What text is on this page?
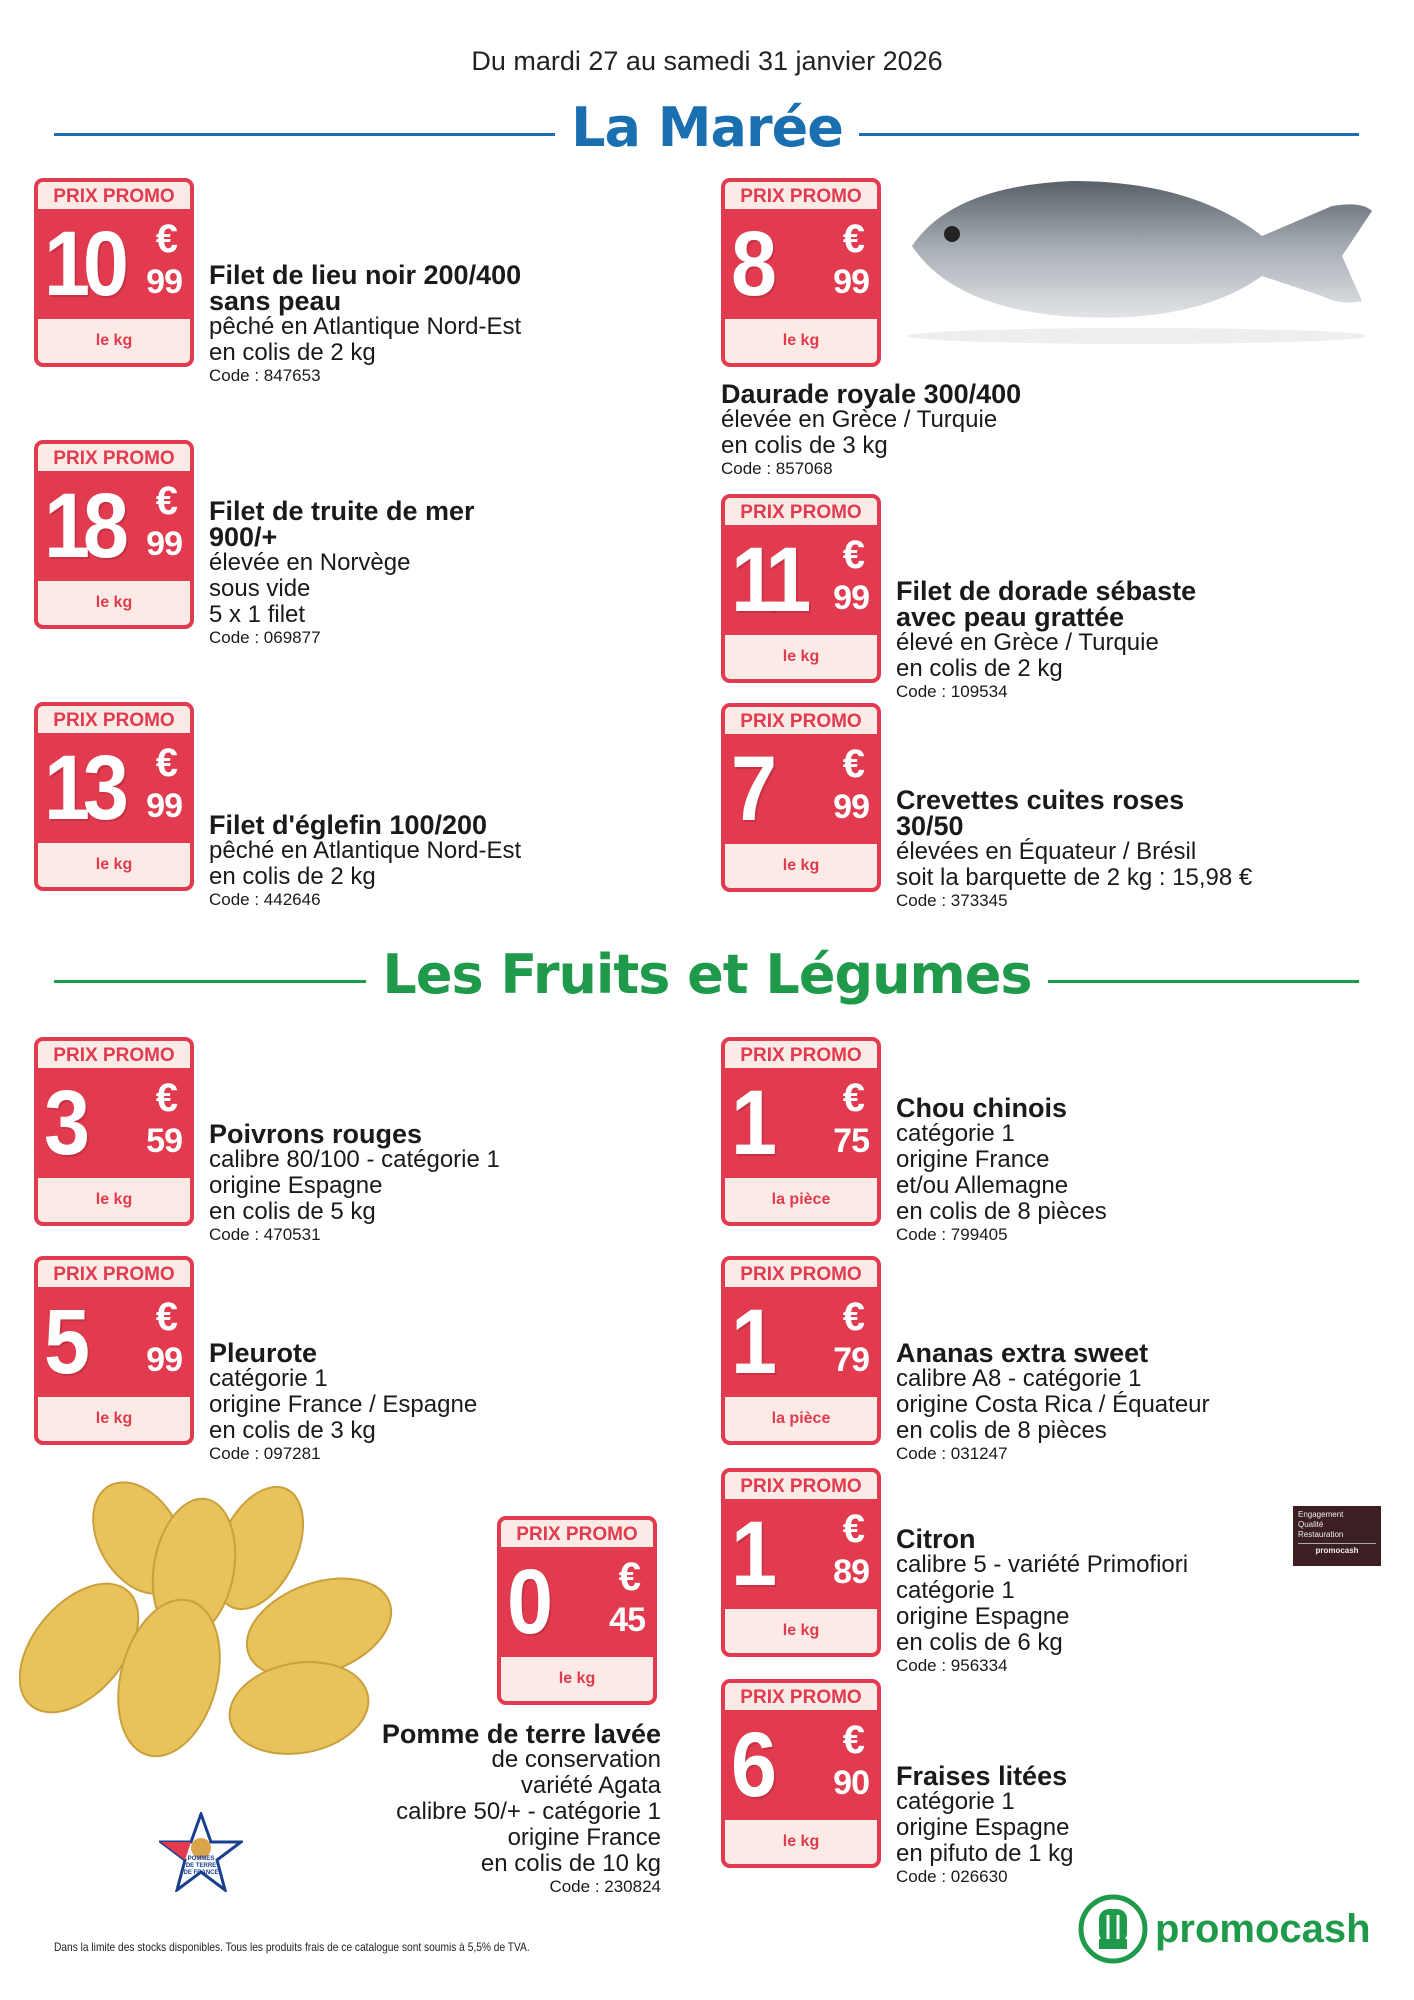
Du mardi 27 au samedi 31 janvier 2026
La Marée
Les Fruits et Légumes
POMMES
DE TERRE
DE FRANCE
Engagement
Qualité
Restauration
promocash
promocash
Dans la limite des stocks disponibles. Tous les produits frais de ce catalogue sont soumis à 5,5% de TVA.
PRIX PROMO
10 €
99
le kg
Filet de lieu noir 200/400
sans peau
pêché en Atlantique Nord-Est
en colis de 2 kg
Code : 847653
PRIX PROMO
18 €
99
le kg
Filet de truite de mer
900/+
élevée en Norvège
sous vide
5 x 1 filet
Code : 069877
PRIX PROMO
13 €
99
le kg
Filet d'églefin 100/200
pêché en Atlantique Nord-Est
en colis de 2 kg
Code : 442646
PRIX PROMO
8 €
99
le kg
Daurade royale 300/400
élevée en Grèce / Turquie
en colis de 3 kg
Code : 857068
PRIX PROMO
11 €
99
le kg
Filet de dorade sébaste
avec peau grattée
élevé en Grèce / Turquie
en colis de 2 kg
Code : 109534
PRIX PROMO
7 €
99
le kg
Crevettes cuites roses
30/50
élevées en Équateur / Brésil
soit la barquette de 2 kg : 15,98 €
Code : 373345
PRIX PROMO
3 €
59
le kg
Poivrons rouges
calibre 80/100 - catégorie 1
origine Espagne
en colis de 5 kg
Code : 470531
PRIX PROMO
5 €
99
le kg
Pleurote
catégorie 1
origine France / Espagne
en colis de 3 kg
Code : 097281
PRIX PROMO
1 €
75
la pièce
Chou chinois
catégorie 1
origine France
et/ou Allemagne
en colis de 8 pièces
Code : 799405
PRIX PROMO
1 €
79
la pièce
Ananas extra sweet
calibre A8 - catégorie 1
origine Costa Rica / Équateur
en colis de 8 pièces
Code : 031247
PRIX PROMO
1 €
89
le kg
Citron
calibre 5 - variété Primofiori
catégorie 1
origine Espagne
en colis de 6 kg
Code : 956334
PRIX PROMO
6 €
90
le kg
Fraises litées
catégorie 1
origine Espagne
en pifuto de 1 kg
Code : 026630
PRIX PROMO
0 €
45
le kg
Pomme de terre lavée
de conservation
variété Agata
calibre 50/+ - catégorie 1
origine France
en colis de 10 kg
Code : 230824
